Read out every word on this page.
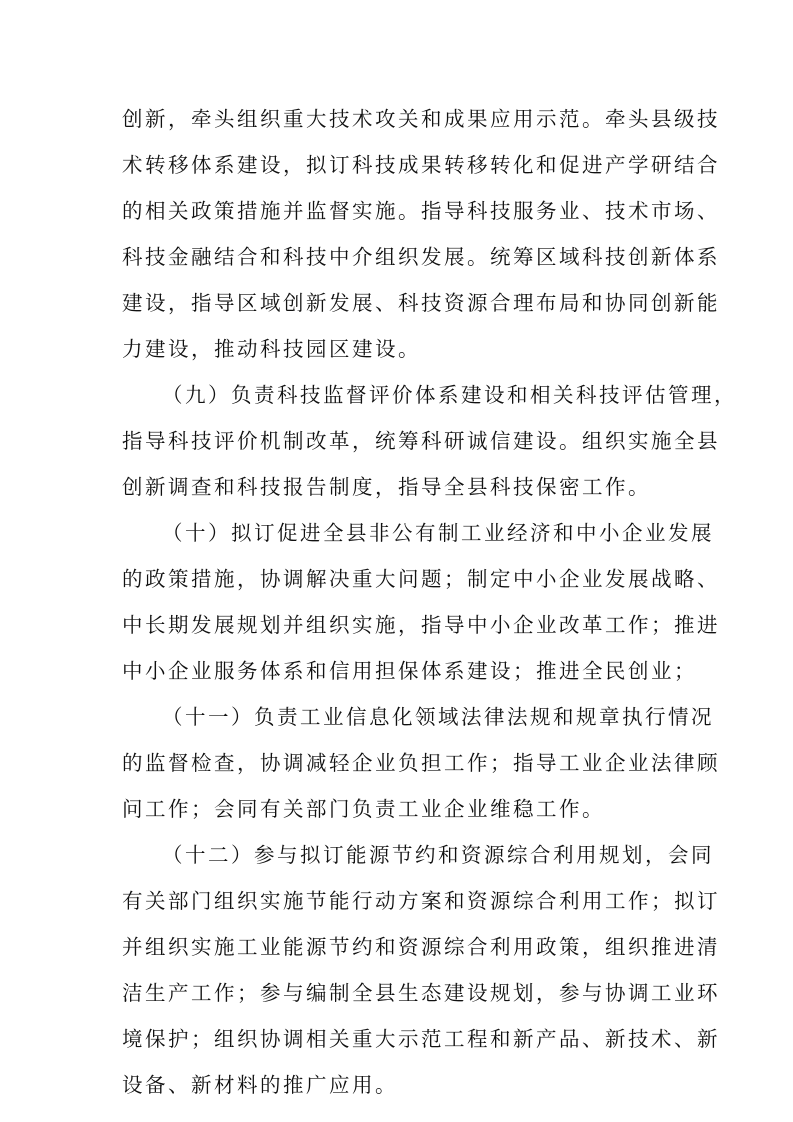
创新，牵头组织重大技术攻关和成果应用示范。牵头县级技
术转移体系建设，拟订科技成果转移转化和促进产学研结合
的相关政策措施并监督实施。指导科技服务业、技术市场、
科技金融结合和科技中介组织发展。统筹区域科技创新体系
建设，指导区域创新发展、科技资源合理布局和协同创新能
力建设，推动科技园区建设。
（九）负责科技监督评价体系建设和相关科技评估管理，
指导科技评价机制改革，统筹科研诚信建设。组织实施全县
创新调查和科技报告制度，指导全县科技保密工作。
（十）拟订促进全县非公有制工业经济和中小企业发展
的政策措施，协调解决重大问题；制定中小企业发展战略、
中长期发展规划并组织实施，指导中小企业改革工作；推进
中小企业服务体系和信用担保体系建设；推进全民创业；
（十一）负责工业信息化领域法律法规和规章执行情况
的监督检查，协调减轻企业负担工作；指导工业企业法律顾
问工作；会同有关部门负责工业企业维稳工作。
（十二）参与拟订能源节约和资源综合利用规划，会同
有关部门组织实施节能行动方案和资源综合利用工作；拟订
并组织实施工业能源节约和资源综合利用政策，组织推进清
洁生产工作；参与编制全县生态建设规划，参与协调工业环
境保护；组织协调相关重大示范工程和新产品、新技术、新
设备、新材料的推广应用。
